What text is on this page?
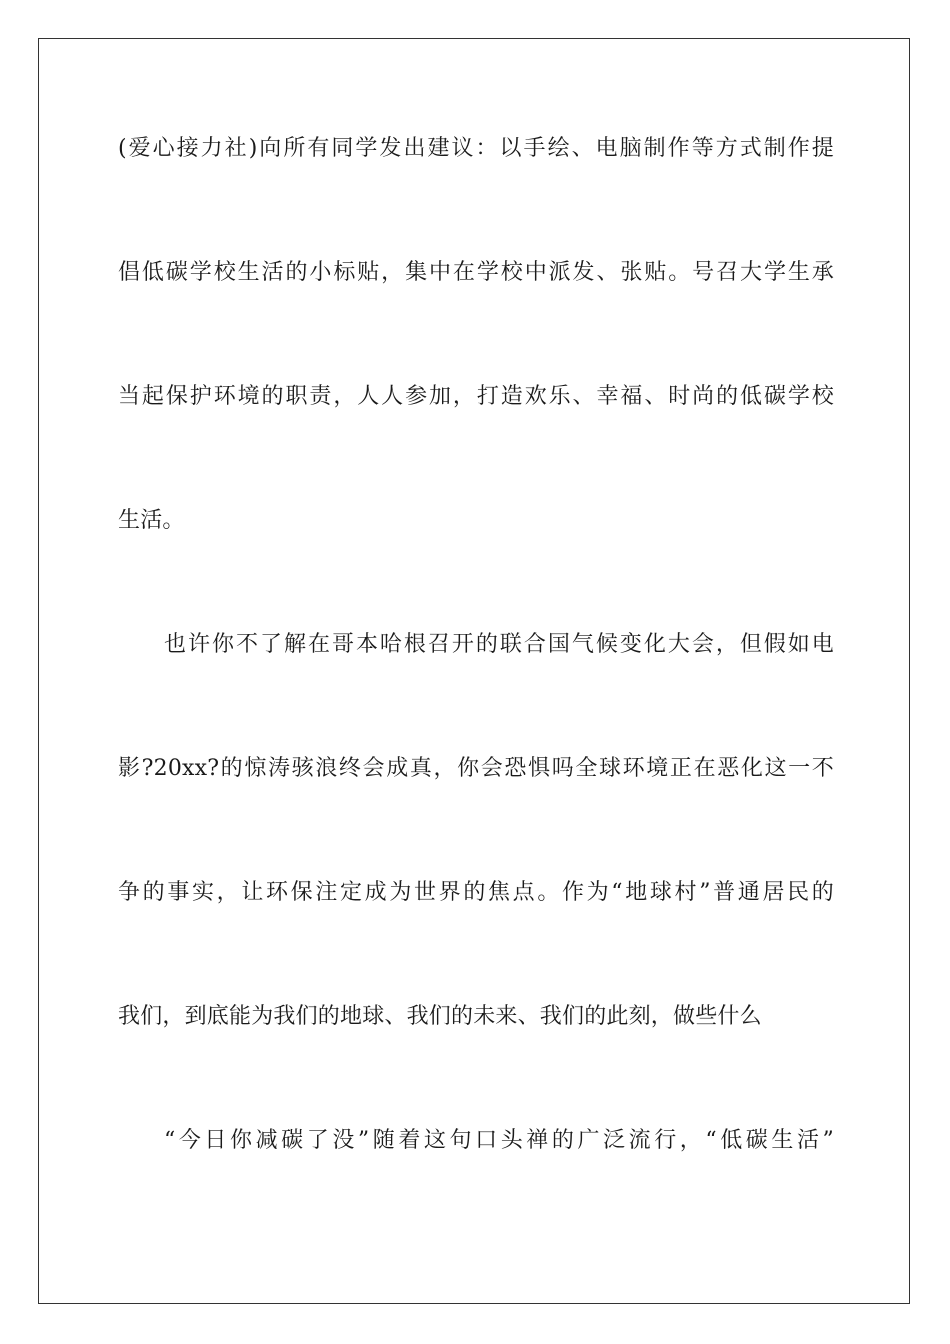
(爱心接力社)向所有同学发出建议：以手绘、电脑制作等方式制作提
倡低碳学校生活的小标贴，集中在学校中派发、张贴。号召大学生承
当起保护环境的职责，人人参加，打造欢乐、幸福、时尚的低碳学校
生活。
也许你不了解在哥本哈根召开的联合国气候变化大会，但假如电
影?20xx?的惊涛骇浪终会成真，你会恐惧吗全球环境正在恶化这一不
争的事实，让环保注定成为世界的焦点。作为“地球村”普通居民的
我们，到底能为我们的地球、我们的未来、我们的此刻，做些什么
“今日你减碳了没”随着这句口头禅的广泛流行，“低碳生活”
